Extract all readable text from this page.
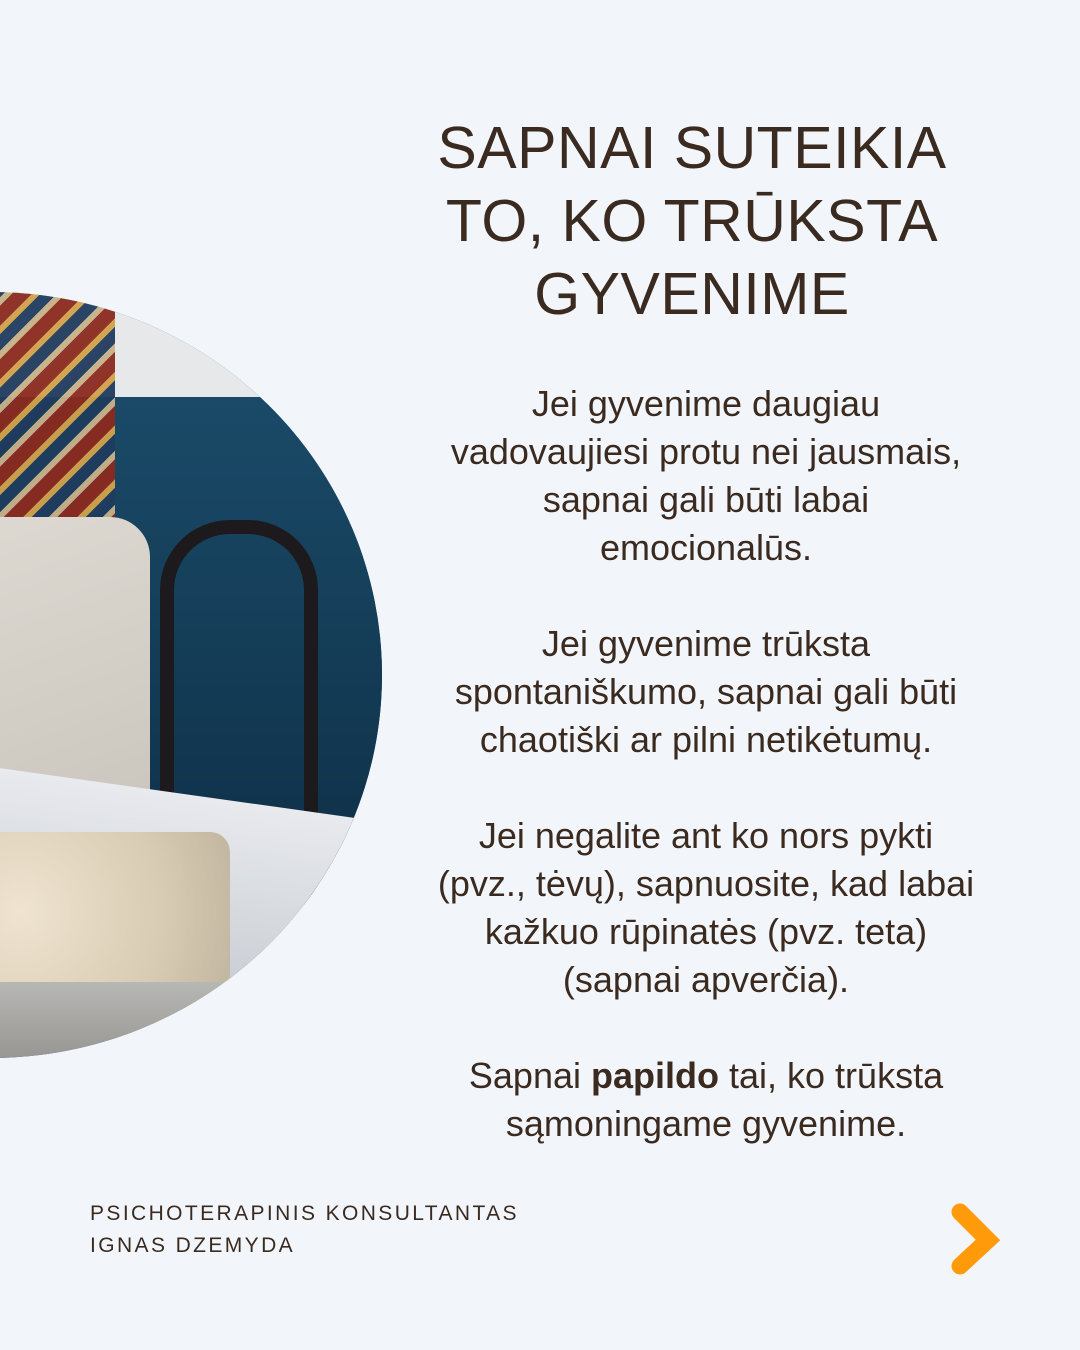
SAPNAI SUTEIKIA
TO, KO TRŪKSTA
GYVENIME
Jei gyvenime daugiau
vadovaujiesi protu nei jausmais,
sapnai gali būti labai
emocionalūs.
Jei gyvenime trūksta
spontaniškumo, sapnai gali būti
chaotiški ar pilni netikėtumų.
Jei negalite ant ko nors pykti
(pvz., tėvų), sapnuosite, kad labai
kažkuo rūpinatės (pvz. teta)
(sapnai apverčia).
Sapnai papildo tai, ko trūksta
sąmoningame gyvenime.
PSICHOTERAPINIS KONSULTANTAS
IGNAS DZEMYDA
